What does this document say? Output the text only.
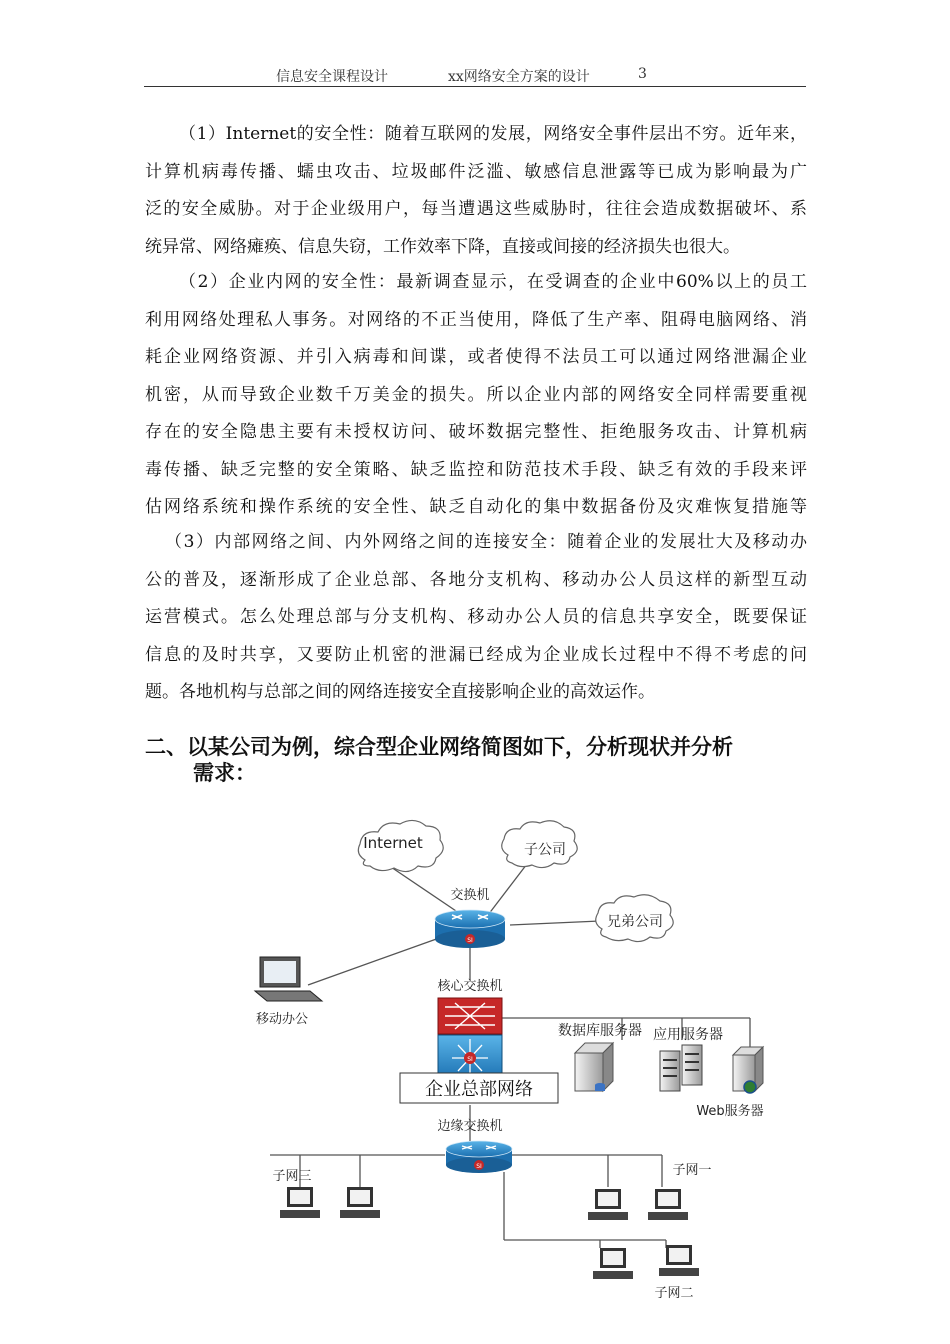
信息安全课程设计	xx网络安全方案的设计	3
（1）Internet的安全性：随着互联网的发展，网络安全事件层出不穷。近年来，
计算机病毒传播、蠕虫攻击、垃圾邮件泛滥、敏感信息泄露等已成为影响最为广
泛的安全威胁。对于企业级用户，每当遭遇这些威胁时，往往会造成数据破坏、系
统异常、网络瘫痪、信息失窃，工作效率下降，直接或间接的经济损失也很大。
（2）企业内网的安全性：最新调查显示，在受调查的企业中60%以上的员工
利用网络处理私人事务。对网络的不正当使用，降低了生产率、阻碍电脑网络、消
耗企业网络资源、并引入病毒和间谍，或者使得不法员工可以通过网络泄漏企业
机密，从而导致企业数千万美金的损失。所以企业内部的网络安全同样需要重视
存在的安全隐患主要有未授权访问、破坏数据完整性、拒绝服务攻击、计算机病
毒传播、缺乏完整的安全策略、缺乏监控和防范技术手段、缺乏有效的手段来评
估网络系统和操作系统的安全性、缺乏自动化的集中数据备份及灾难恢复措施等
（3）内部网络之间、内外网络之间的连接安全：随着企业的发展壮大及移动办
公的普及，逐渐形成了企业总部、各地分支机构、移动办公人员这样的新型互动
运营模式。怎么处理总部与分支机构、移动办公人员的信息共享安全，既要保证
信息的及时共享，又要防止机密的泄漏已经成为企业成长过程中不得不考虑的问
题。各地机构与总部之间的网络连接安全直接影响企业的高效运作。
二、以某公司为例，综合型企业网络简图如下，分析现状并分析
需求：
Internet	子公司
兄弟公司
交换机
SI
移动办公
核心交换机
SI
企业总部网络
数据库服务器 应用服务器
Web服务器
边缘交换机
SI
子网三	子网一
子网二
